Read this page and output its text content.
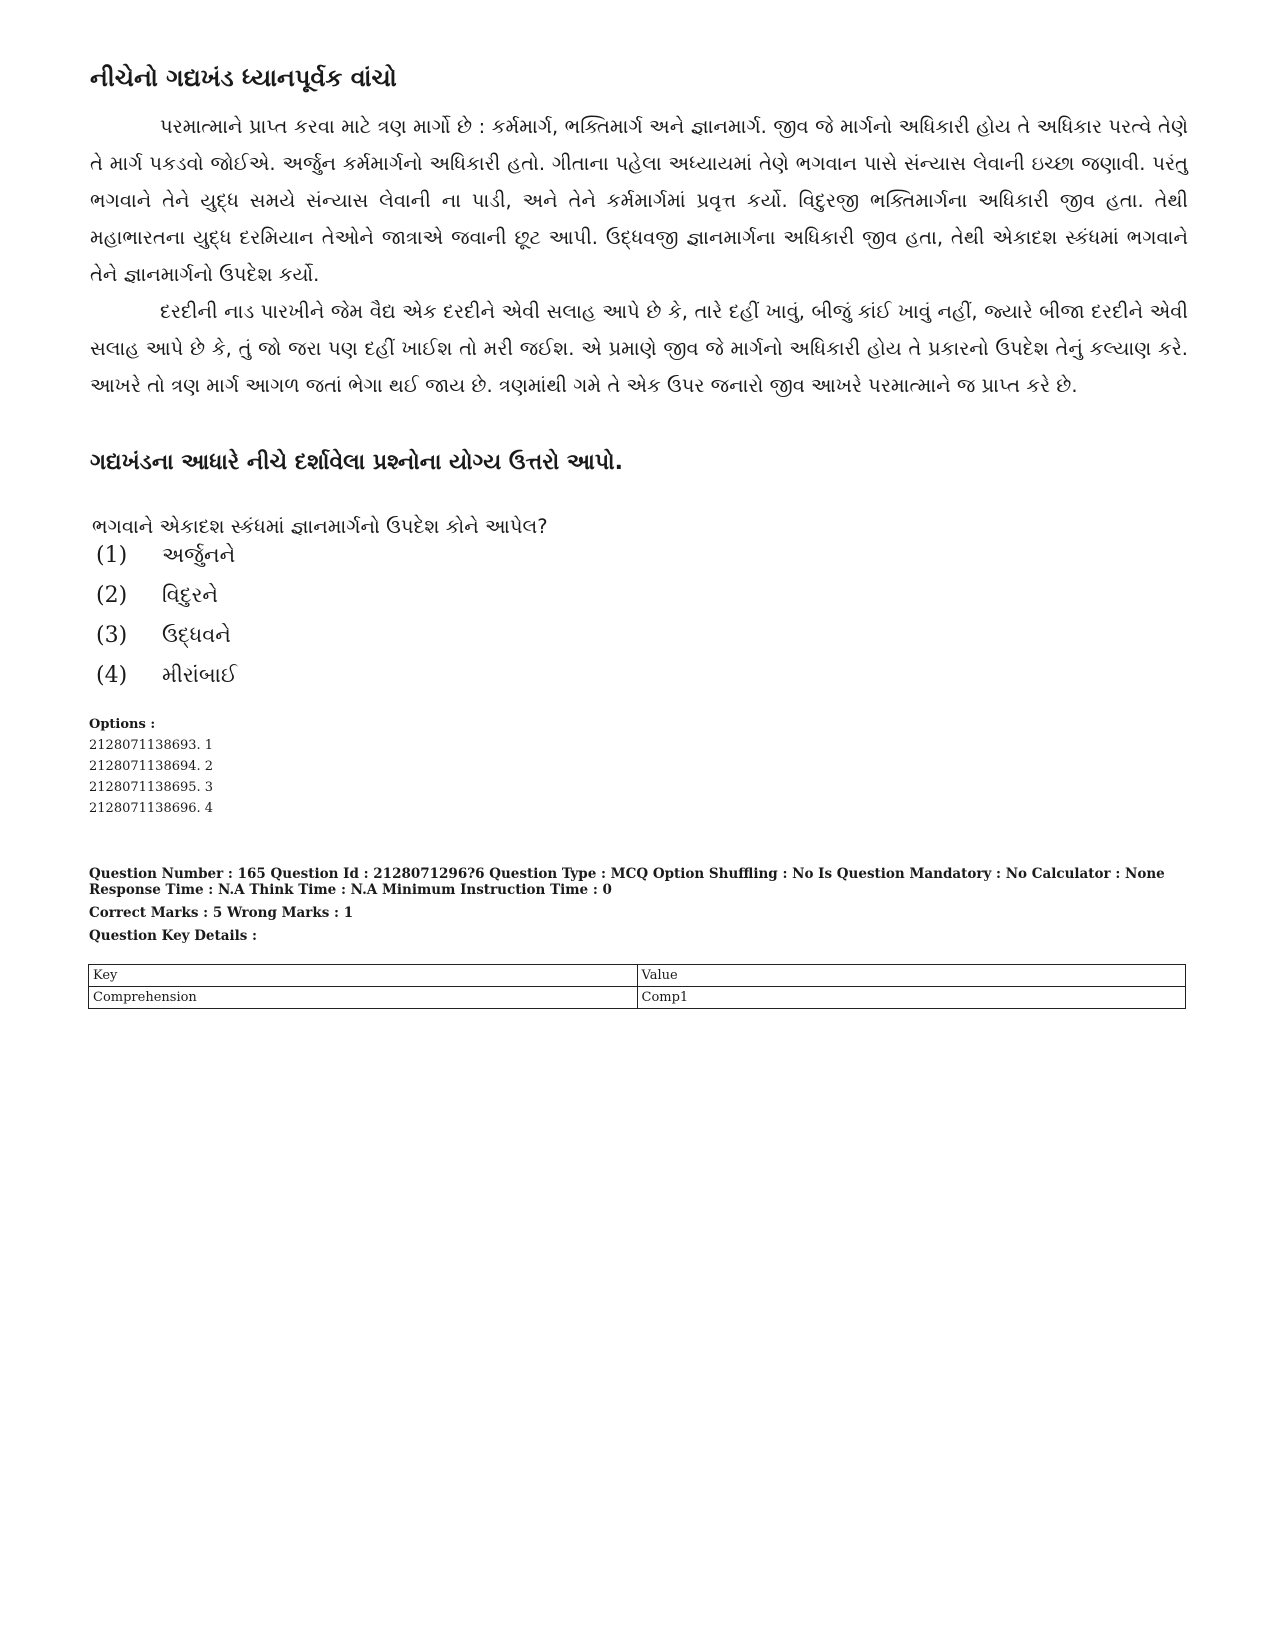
નીચેનો ગદ્યખંડ ધ્યાનપૂર્વક વાંચો

પરમાત્માને પ્રાપ્ત કરવા માટે ત્રણ માર્ગો છે : કર્મમાર્ગ, ભક્તિમાર્ગ અને જ્ઞાનમાર્ગ. જીવ જે માર્ગનો અધિકારી હોય તે અધિકાર પરત્વે તેણે તે માર્ગ પકડવો જોઈએ. અર્જુન કર્મમાર્ગનો અધિકારી હતો. ગીતાના પહેલા અધ્યાયમાં તેણે ભગવાન પાસે સંન્યાસ લેવાની ઇચ્છા જણાવી. પરંતુ ભગવાને તેને યુદ્ધ સમયે સંન્યાસ લેવાની ના પાડી, અને તેને કર્મમાર્ગમાં પ્રવૃત્ત કર્યો. વિદુરજી ભક્તિમાર્ગના અધિકારી જીવ હતા. તેથી મહાભારતના યુદ્ધ દરમિયાન તેઓને જાત્રાએ જવાની છૂટ આપી. ઉદ્ધવજી જ્ઞાનમાર્ગના અધિકારી જીવ હતા, તેથી એકાદશ સ્કંધમાં ભગવાને તેને જ્ઞાનમાર્ગનો ઉપદેશ કર્યો.

દરદીની નાડ પારખીને જેમ વૈદ્ય એક દરદીને એવી સલાહ આપે છે કે, તારે દહીં ખાવું, બીજું કાંઈ ખાવું નહીં, જ્યારે બીજા દરદીને એવી સલાહ આપે છે કે, તું જો જરા પણ દહીં ખાઈશ તો મરી જઈશ. એ પ્રમાણે જીવ જે માર્ગનો અધિકારી હોય તે પ્રકારનો ઉપદેશ તેનું કલ્યાણ કરે. આખરે તો ત્રણ માર્ગ આગળ જતાં ભેગા થઈ જાય છે. ત્રણમાંથી ગમે તે એક ઉપર જનારો જીવ આખરે પરમાત્માને જ પ્રાપ્ત કરે છે.

ગદ્યખંડના આધારે નીચે દર્શાવેલા પ્રશ્નોના યોગ્ય ઉત્તરો આપો.

ભગવાને એકાદશ સ્કંધમાં જ્ઞાનમાર્ગનો ઉપદેશ કોને આપેલ?

(1)	અર્જુનને
(2)	વિદુરને
(3)	ઉદ્ધવને
(4)	મીરાંબાઈ
Options :
2128071138693. 1
2128071138694. 2
2128071138695. 3
2128071138696. 4
Question Number : 165 Question Id : 2128071296?6 Question Type : MCQ Option Shuffling : No Is Question Mandatory : No Calculator : None
Response Time : N.A Think Time : N.A Minimum Instruction Time : 0
Correct Marks : 5 Wrong Marks : 1
Question Key Details :
Key	Value
Comprehension	Comp1
